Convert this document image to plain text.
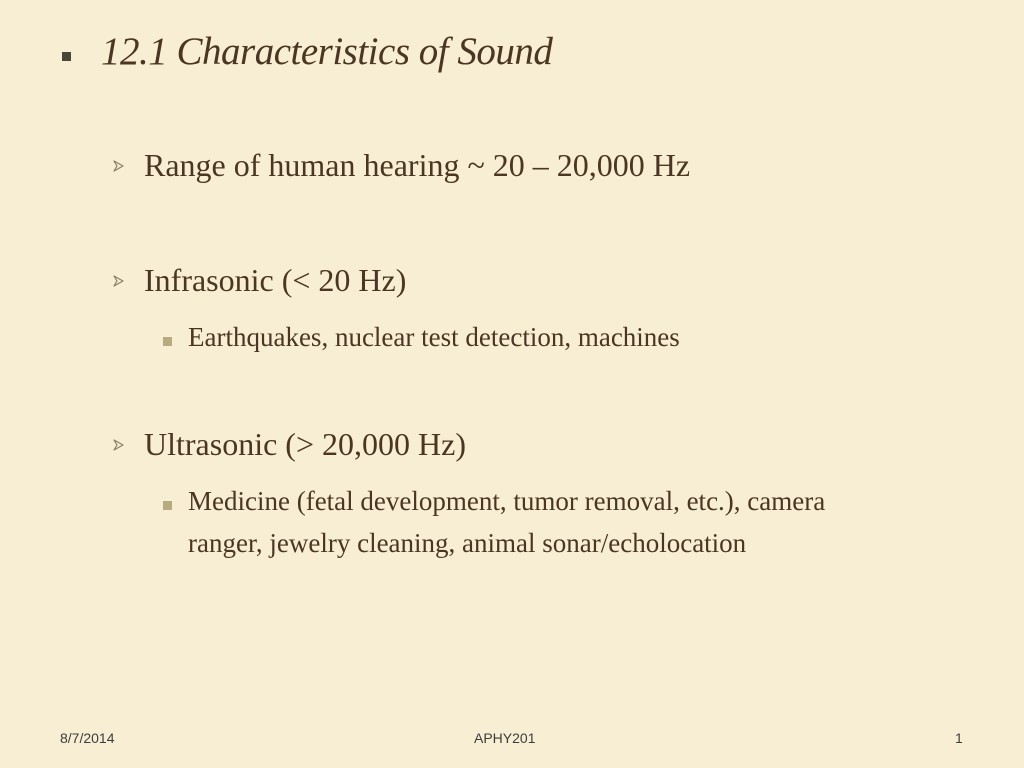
12.1 Characteristics of Sound
Range of human hearing ~ 20 – 20,000 Hz
Infrasonic (< 20 Hz)
Earthquakes, nuclear test detection, machines
Ultrasonic (> 20,000 Hz)
Medicine (fetal development, tumor removal, etc.), camera ranger, jewelry cleaning, animal sonar/echolocation
8/7/2014	APHY201	1
